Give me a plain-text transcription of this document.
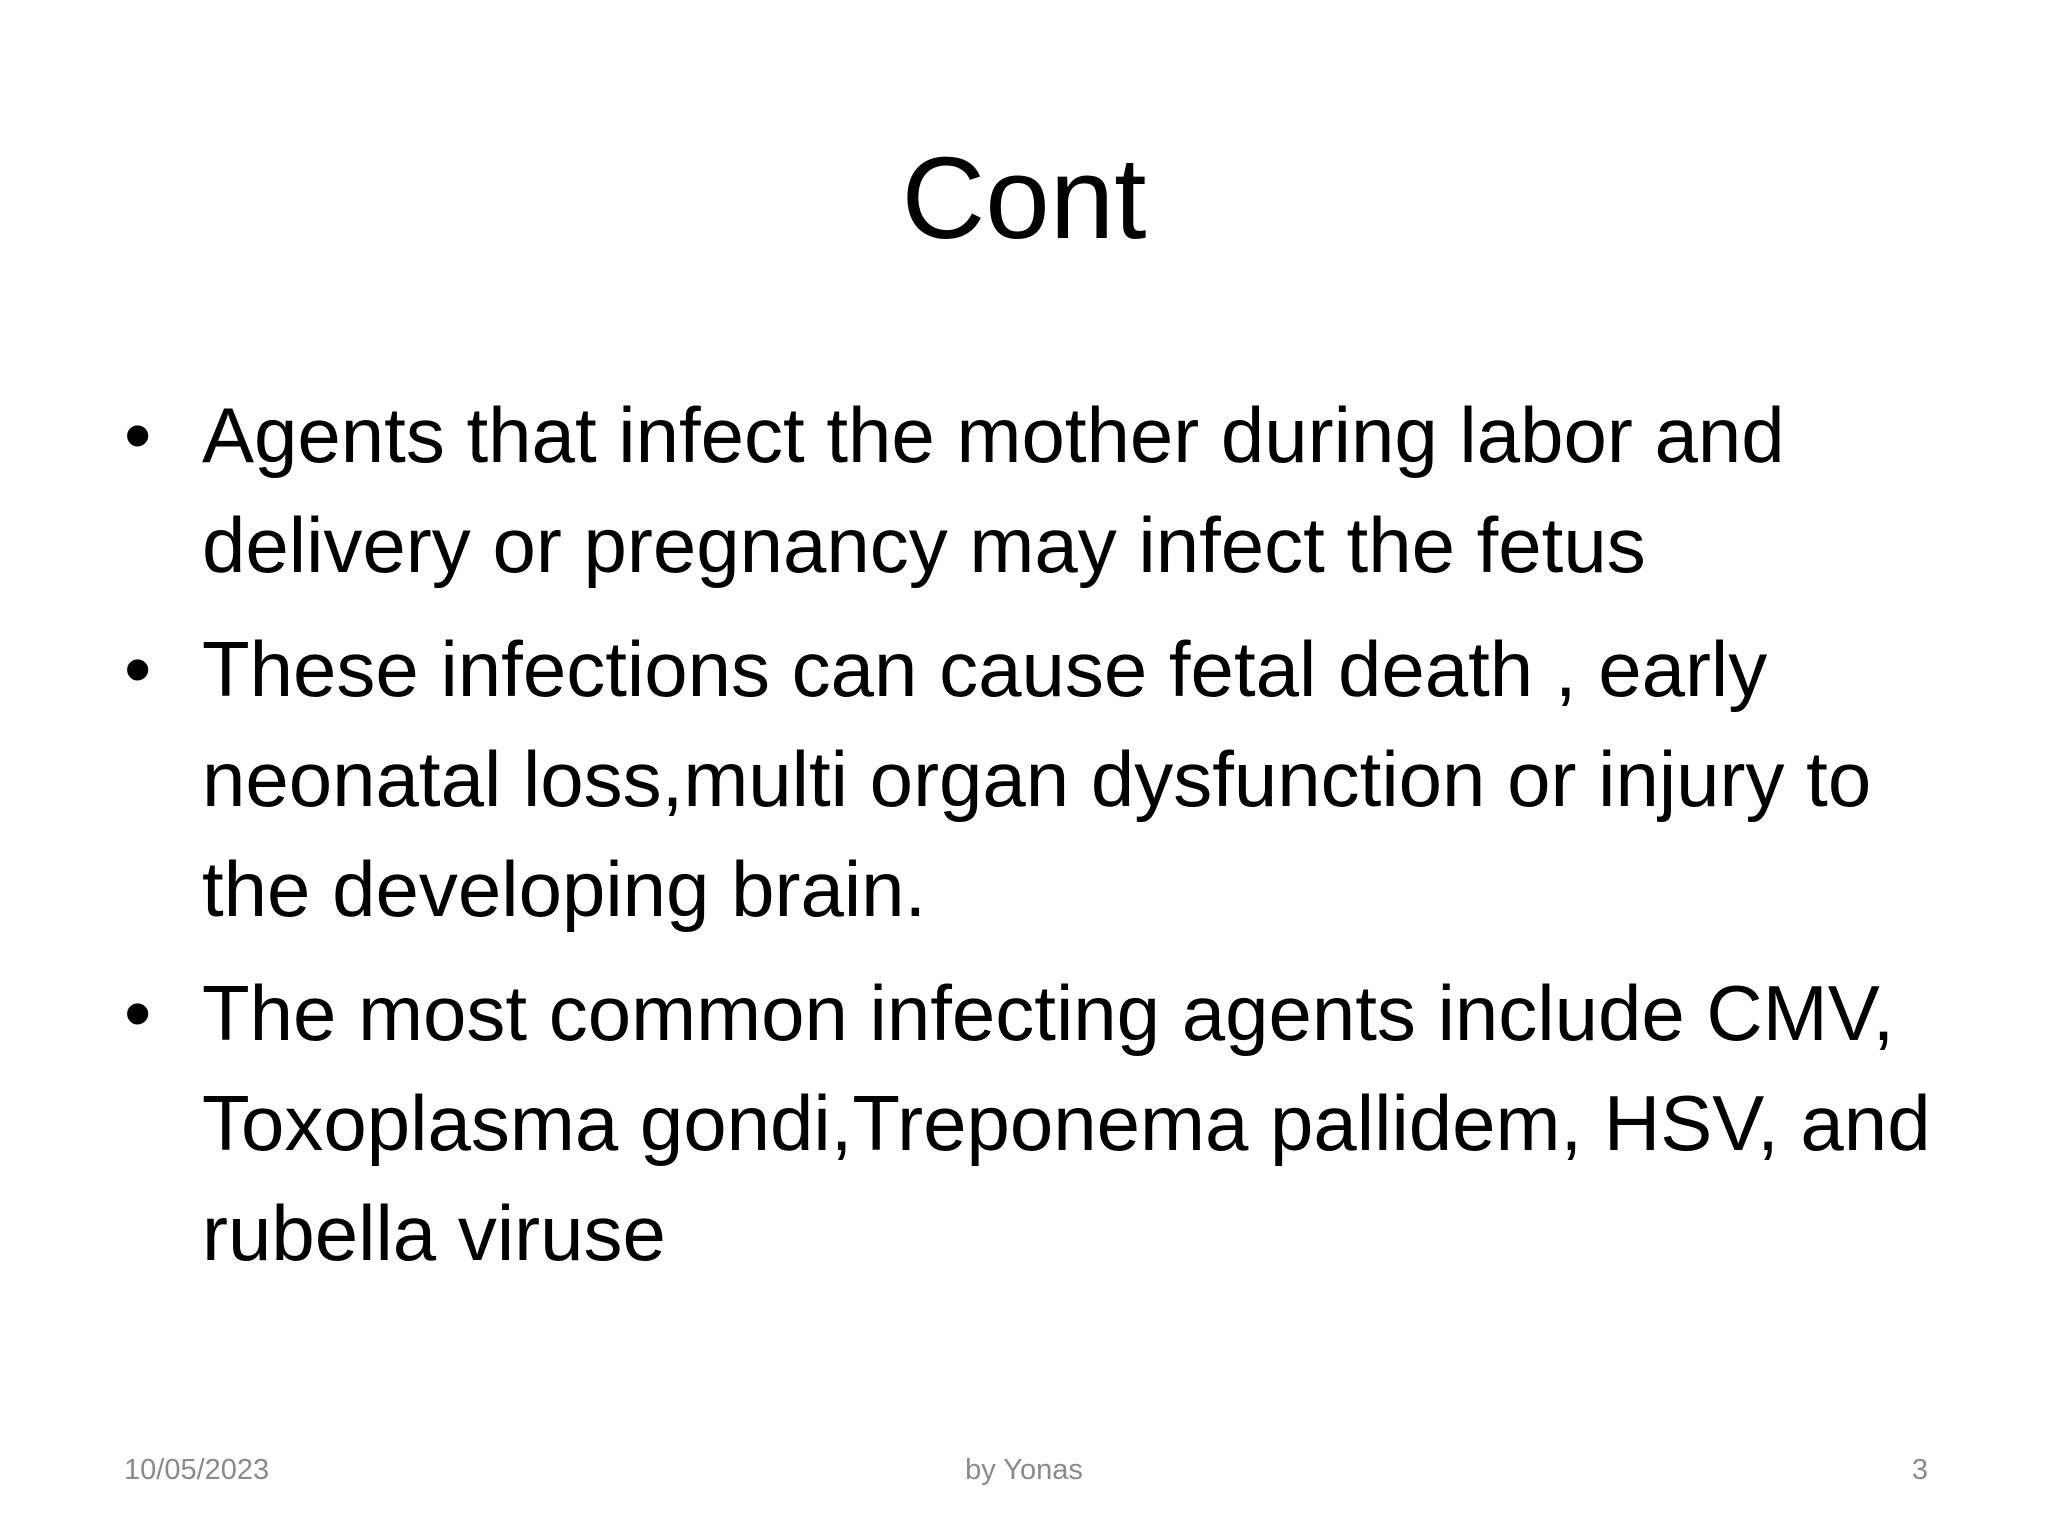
Cont
• Agents that infect the mother during labor and delivery or pregnancy may infect the fetus
• These infections can cause fetal death , early neonatal loss,multi organ dysfunction or injury to the developing brain.
• The most common infecting agents include CMV, Toxoplasma gondi,Treponema pallidem, HSV, and rubella viruse
10/05/2023	by Yonas	3
